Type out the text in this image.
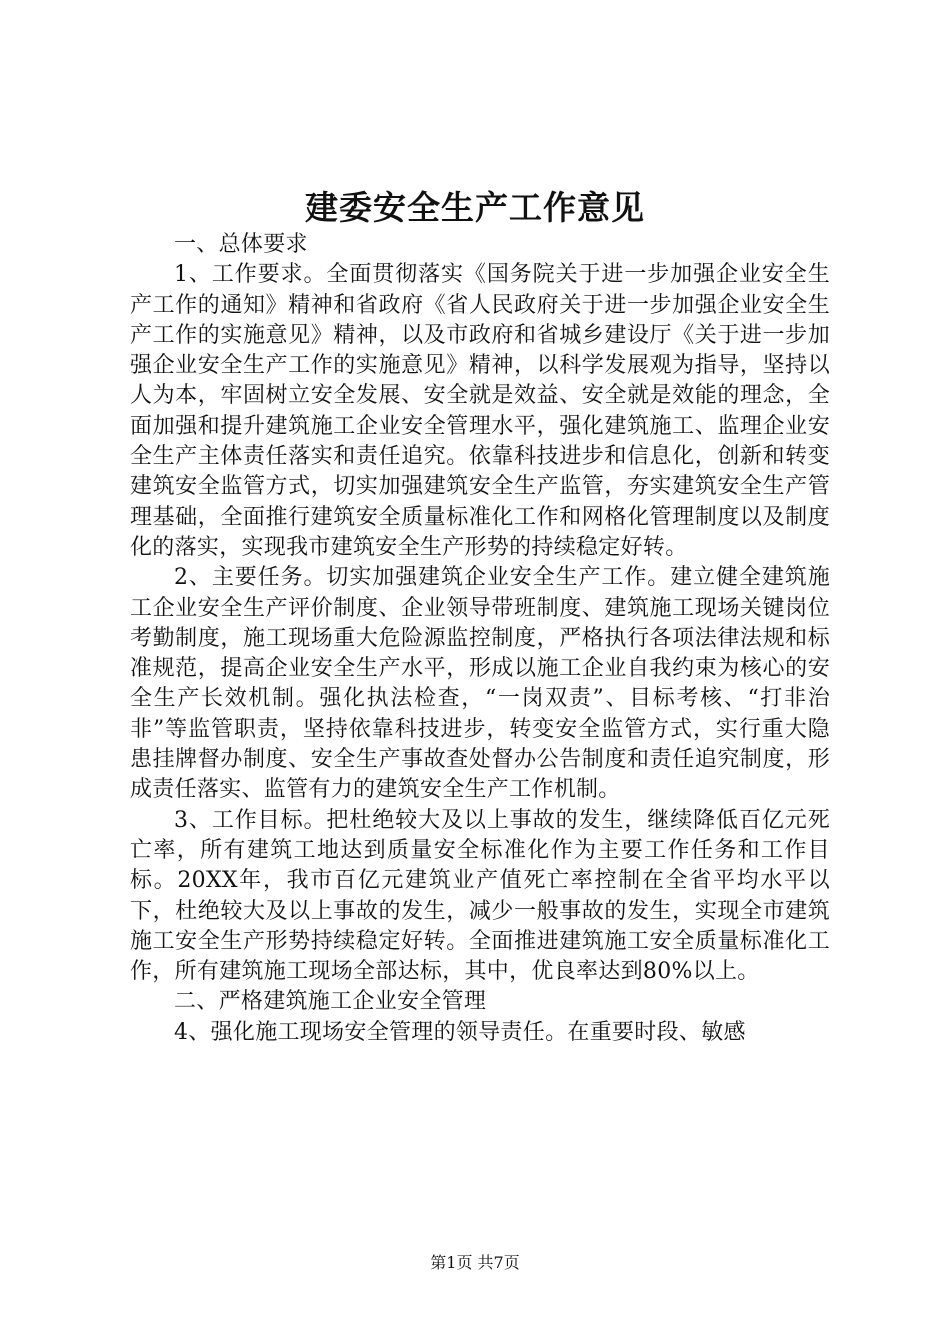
建委安全生产工作意见

一、总体要求

1、工作要求。全面贯彻落实《国务院关于进一步加强企业安全生产工作的通知》精神和省政府《省人民政府关于进一步加强企业安全生产工作的实施意见》精神，以及市政府和省城乡建设厅《关于进一步加强企业安全生产工作的实施意见》精神，以科学发展观为指导，坚持以人为本，牢固树立安全发展、安全就是效益、安全就是效能的理念，全面加强和提升建筑施工企业安全管理水平，强化建筑施工、监理企业安全生产主体责任落实和责任追究。依靠科技进步和信息化，创新和转变建筑安全监管方式，切实加强建筑安全生产监管，夯实建筑安全生产管理基础，全面推行建筑安全质量标准化工作和网格化管理制度以及制度化的落实，实现我市建筑安全生产形势的持续稳定好转。

2、主要任务。切实加强建筑企业安全生产工作。建立健全建筑施工企业安全生产评价制度、企业领导带班制度、建筑施工现场关键岗位考勤制度，施工现场重大危险源监控制度，严格执行各项法律法规和标准规范，提高企业安全生产水平，形成以施工企业自我约束为核心的安全生产长效机制。强化执法检查，“一岗双责”、目标考核、“打非治非”等监管职责，坚持依靠科技进步，转变安全监管方式，实行重大隐患挂牌督办制度、安全生产事故查处督办公告制度和责任追究制度，形成责任落实、监管有力的建筑安全生产工作机制。

3、工作目标。把杜绝较大及以上事故的发生，继续降低百亿元死亡率，所有建筑工地达到质量安全标准化作为主要工作任务和工作目标。20XX年，我市百亿元建筑业产值死亡率控制在全省平均水平以下，杜绝较大及以上事故的发生，减少一般事故的发生，实现全市建筑施工安全生产形势持续稳定好转。全面推进建筑施工安全质量标准化工作，所有建筑施工现场全部达标，其中，优良率达到80%以上。

二、严格建筑施工企业安全管理

4、强化施工现场安全管理的领导责任。在重要时段、敏感

第1页 共7页
